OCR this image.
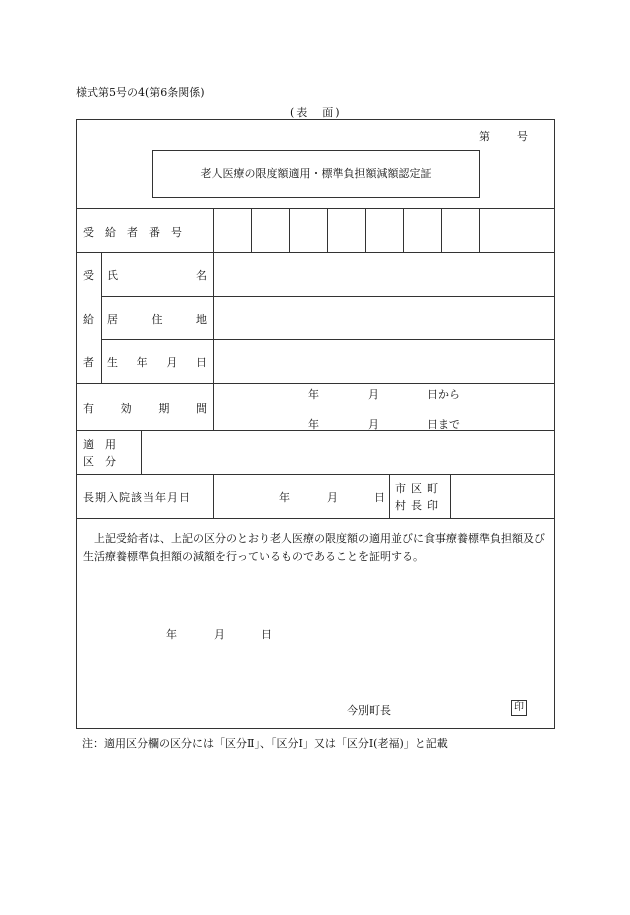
様式第5号の4(第6条関係)
(表　面)
第 号
老人医療の限度額適用・標準負担額減額認定証
受　給　者　番　号
受
給
者
氏	名
居	住	地
生 年 月 日
有 効 期 間
年	月	日から
年	月	日まで
適　用
区　分
長期入院該当年月日	年	月	日
市区町
村長印
上記受給者は、上記の区分のとおり老人医療の限度額の適用並びに食事療養標準負担額及び生活療養標準負担額の減額を行っているものであることを証明する。
年	月	日
今別町長	印
注：適用区分欄の区分には「区分Ⅱ」、「区分Ⅰ」又は「区分Ⅰ(老福)」と記載
